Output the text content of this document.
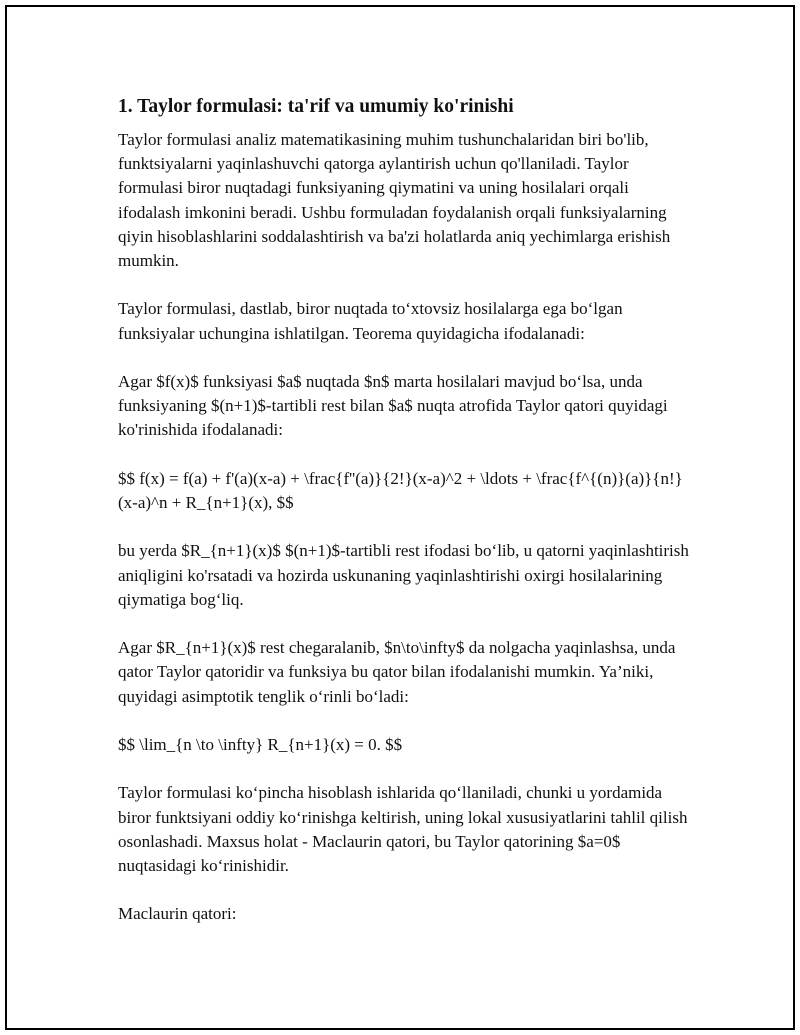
1. Taylor formulasi: ta'rif va umumiy ko'rinishi

Taylor formulasi analiz matematikasining muhim tushunchalaridan biri bo'lib, funktsiyalarni yaqinlashuvchi qatorga aylantirish uchun qo'llaniladi. Taylor formulasi biror nuqtadagi funksiyaning qiymatini va uning hosilalari orqali ifodalash imkonini beradi. Ushbu formuladan foydalanish orqali funksiyalarning qiyin hisoblashlarini soddalashtirish va ba'zi holatlarda aniq yechimlarga erishish mumkin.

Taylor formulasi, dastlab, biror nuqtada to‘xtovsiz hosilalarga ega bo‘lgan funksiyalar uchungina ishlatilgan. Teorema quyidagicha ifodalanadi:

Agar $f(x)$ funksiyasi $a$ nuqtada $n$ marta hosilalari mavjud bo‘lsa, unda funksiyaning $(n+1)$-tartibli rest bilan $a$ nuqta atrofida Taylor qatori quyidagi ko'rinishida ifodalanadi:

$$ f(x) = f(a) + f'(a)(x-a) + \frac{f''(a)}{2!}(x-a)^2 + \ldots + \frac{f^{(n)}(a)}{n!}(x-a)^n + R_{n+1}(x), $$

bu yerda $R_{n+1}(x)$ $(n+1)$-tartibli rest ifodasi bo‘lib, u qatorni yaqinlashtirish aniqligini ko'rsatadi va hozirda uskunaning yaqinlashtirishi oxirgi hosilalarining qiymatiga bog‘liq.

Agar $R_{n+1}(x)$ rest chegaralanib, $n\to\infty$ da nolgacha yaqinlashsa, unda qator Taylor qatoridir va funksiya bu qator bilan ifodalanishi mumkin. Ya’niki, quyidagi asimptotik tenglik o‘rinli bo‘ladi:

$$ \lim_{n \to \infty} R_{n+1}(x) = 0. $$

Taylor formulasi ko‘pincha hisoblash ishlarida qo‘llaniladi, chunki u yordamida biror funktsiyani oddiy ko‘rinishga keltirish, uning lokal xususiyatlarini tahlil qilish osonlashadi. Maxsus holat - Maclaurin qatori, bu Taylor qatorining $a=0$ nuqtasidagi ko‘rinishidir.

Maclaurin qatori:
